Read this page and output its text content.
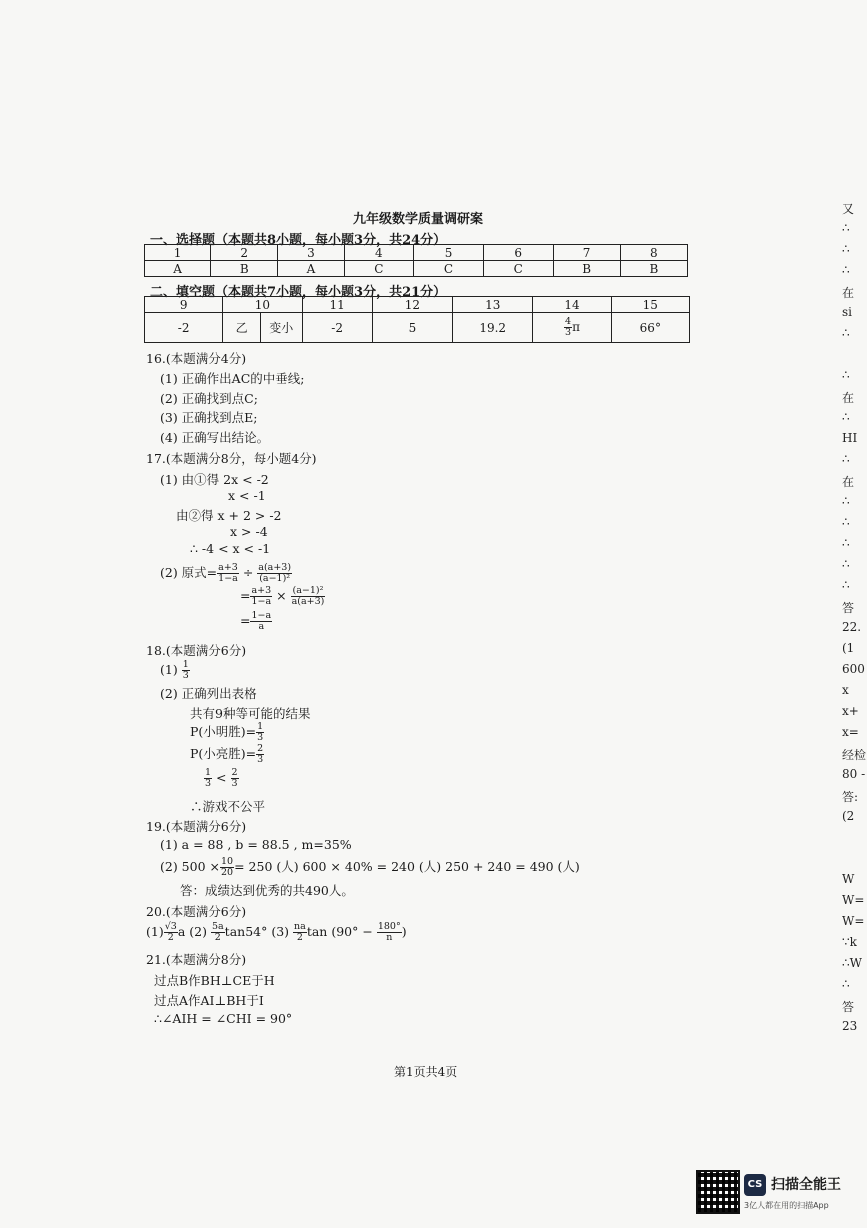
九年级数学质量调研案
一、选择题（本题共8小题，每小题3分，共24分）
1	2	3	4	5	6	7	8
A	B	A	C	C	C	B	B
二、填空题（本题共7小题，每小题3分，共21分）
9	10		11	12	13	14	15
-2	乙	变小	-2	5	19.2	$\frac{4}{3}$ π	66°
16.(本题满分4分)
(1) 正确作出AC的中垂线;
(2) 正确找到点C;
(3) 正确找到点E;
(4) 正确写出结论。
17.(本题满分8分，每小题4分)
(1) 由①得 2x < -2
x < -1
由②得 x + 2 > -2
x > -4
∴ -4 < x < -1
(2) 原式= $\frac{a+3}{1-a} \div \frac{a(a+3)}{\text{(a−1)²}}$
= $\frac{a+3}{1-a} \times \frac{\text{(a−1)²}}{a(a+3)}$
= $\frac{1-a}{a}$
18.(本题满分6分)
$(1) \frac{1}{3}$
(2) 正确列出表格
共有9种等可能的结果
P(小明胜)= $\frac{1}{3}$
P(小亮胜)= $\frac{2}{3}$
$\frac{1}{3} < \frac{2}{3}$
∴游戏不公平
19.(本题满分6分)
(1) a = 88 , b = 88.5 , m=35%
(2) $500 \times \frac{10}{20} = 250$ (人) 600 × 40% = 240 (人) 250 + 240 = 490 (人)
答：成绩达到优秀的共490人。
20.(本题满分6分)
$(1) \frac{√3}{2}$ a $(2) \frac{5a}{2} \tan 54^\circ$ $(3) \frac{na}{2}$ $\tan (90^\circ - \frac{180^\circ}{n}$ )
21.(本题满分8分)
过点B作BH⊥CE于H
过点A作AI⊥BH于I
∴∠AIH = ∠CHI = 90°
第1页共4页
又
∴
∴
∴
在
si
∴
∴
在
∴
HI
∴
在
∴
∴
∴
∴
∴
答
22.
(1
600
x
x+
x=
经检
80 -
答:
(2
W
W=
W=
∵k
∴W
∴
答
23
CS 扫描全能王
3亿人都在用的扫描App
